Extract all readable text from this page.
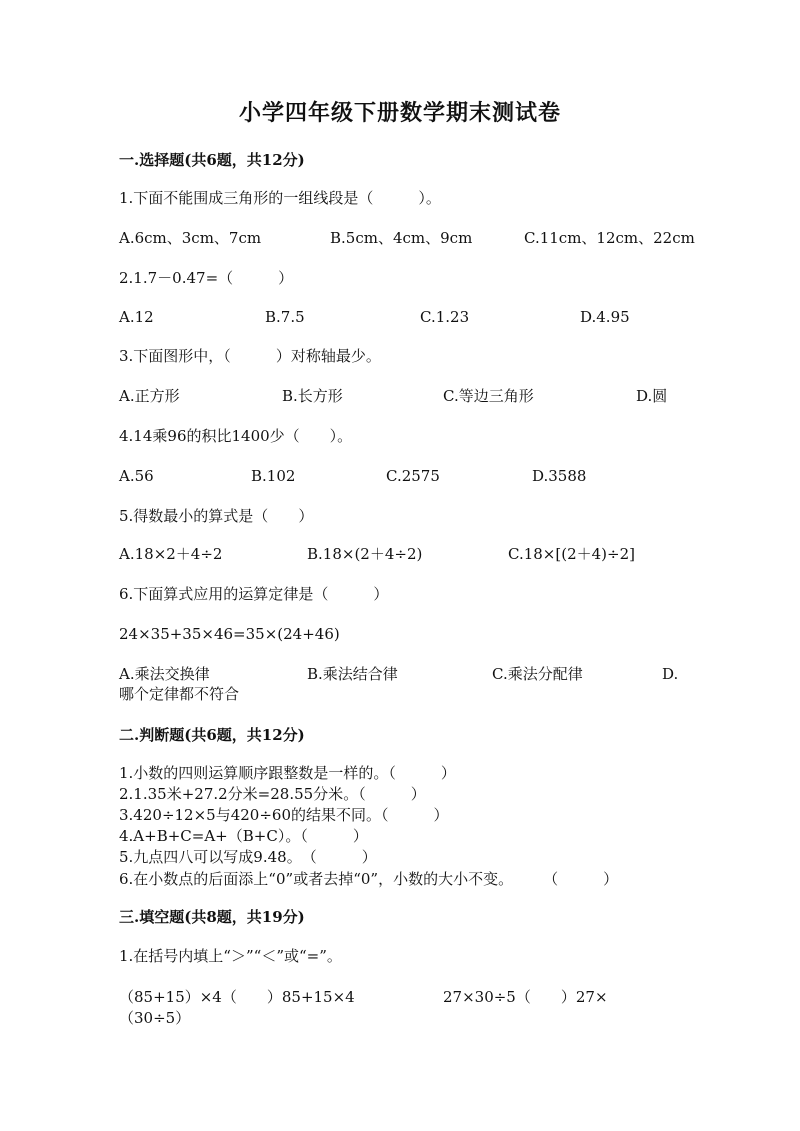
小学四年级下册数学期末测试卷
一.选择题(共6题，共12分)
1.下面不能围成三角形的一组线段是（　　　）。
A.6cm、3cm、7cm	B.5cm、4cm、9cm	C.11cm、12cm、22cm
2.1.7－0.47=（　　　）
A.12	B.7.5	C.1.23	D.4.95
3.下面图形中，（　　　）对称轴最少。
A.正方形	B.长方形	C.等边三角形	D.圆
4.14乘96的积比1400少（　　）。
A.56	B.102	C.2575	D.3588
5.得数最小的算式是（　　）
A.18×2＋4÷2	B.18×(2＋4÷2)	C.18×[(2＋4)÷2]
6.下面算式应用的运算定律是（　　　）
24×35+35×46=35×(24+46)
A.乘法交换律	B.乘法结合律	C.乘法分配律	D.
哪个定律都不符合
二.判断题(共6题，共12分)
1.小数的四则运算顺序跟整数是一样的。（　　　）
2.1.35米+27.2分米=28.55分米。（　　　）
3.420÷12×5与420÷60的结果不同。（　　　）
4.A+B+C=A+（B+C）。（　　　）
5.九点四八可以写成9.48。　（　　　）
6.在小数点的后面添上“0”或者去掉“0”，小数的大小不变。　　　（　　　）
三.填空题(共8题，共19分)
1.在括号内填上“＞”“＜”或“=”。
（85+15）×4（　　）85+15×4	27×30÷5（　　）27×
（30÷5）
